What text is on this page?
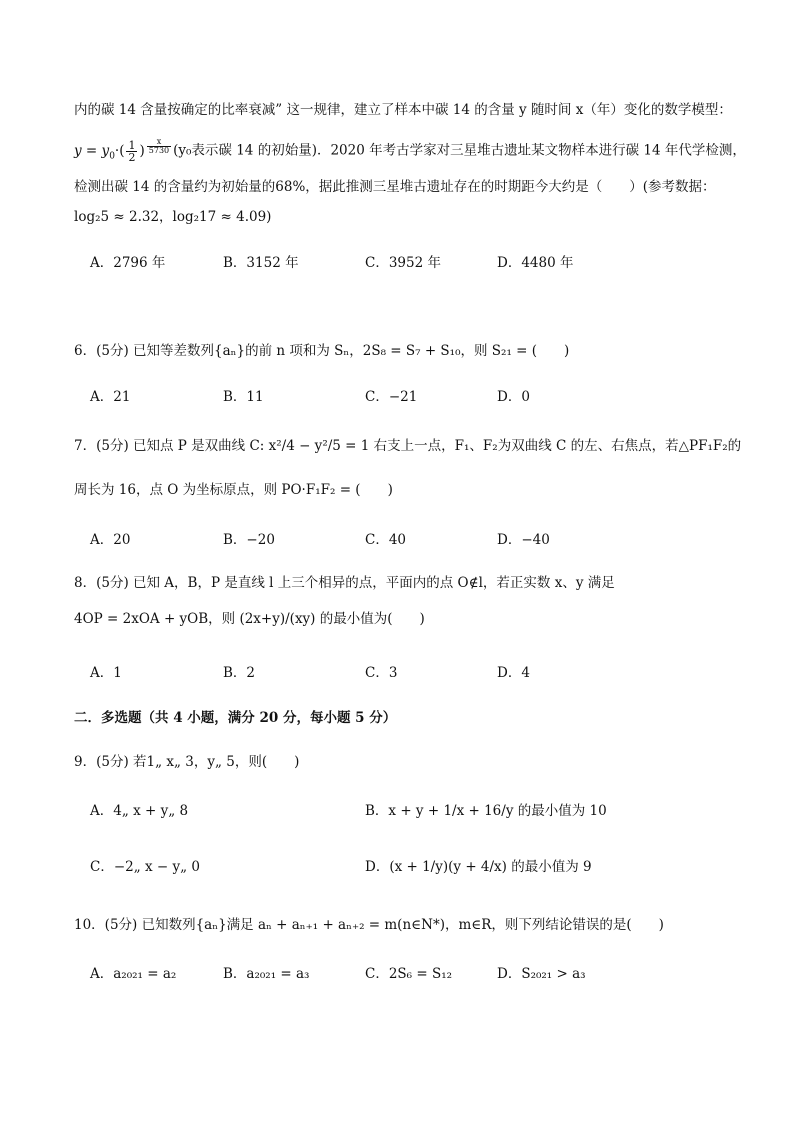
内的碳 14 含量按确定的比率衰减” 这一规律，建立了样本中碳 14 的含量 y 随时间 x（年）变化的数学模型：
$y = y_0\cdot( \frac{1}{2}$ ) $^{\frac{x}{5730}}$ (y₀表示碳 14 的初始量)．2020 年考古学家对三星堆古遗址某文物样本进行碳 14 年代学检测，
检测出碳 14 的含量约为初始量的68%，据此推测三星堆古遗址存在的时期距今大约是（　　）(参考数据：
log₂5 ≈ 2.32，log₂17 ≈ 4.09)
A．2796 年	B．3152 年	C．3952 年	D．4480 年
6．(5分) 已知等差数列{aₙ}的前 n 项和为 Sₙ，2S₈ = S₇ + S₁₀，则 S₂₁ = (　　)
A．21	B．11	C．−21	D．0
7．(5分) 已知点 P 是双曲线 C: x²/4 − y²/5 = 1 右支上一点，F₁、F₂为双曲线 C 的左、右焦点，若△PF₁F₂的
周长为 16，点 O 为坐标原点，则 PO·F₁F₂ = (　　)
A．20	B．−20	C．40	D．−40
8．(5分) 已知 A，B，P 是直线 l 上三个相异的点，平面内的点 O∉l，若正实数 x、y 满足
4OP = 2xOA + yOB，则 (2x+y)/(xy) 的最小值为(　　)
A．1	B．2	C．3	D．4
二．多选题（共 4 小题，满分 20 分，每小题 5 分）
9．(5分) 若1„ x„ 3，y„ 5，则(　　)
A．4„ x + y„ 8	B．x + y + 1/x + 16/y 的最小值为 10
C．−2„ x − y„ 0	D．(x + 1/y)(y + 4/x) 的最小值为 9
10．(5分) 已知数列{aₙ}满足 aₙ + aₙ₊₁ + aₙ₊₂ = m(n∈N*)，m∈R，则下列结论错误的是(　　)
A．a₂₀₂₁ = a₂	B．a₂₀₂₁ = a₃	C．2S₆ = S₁₂	D．S₂₀₂₁ > a₃
